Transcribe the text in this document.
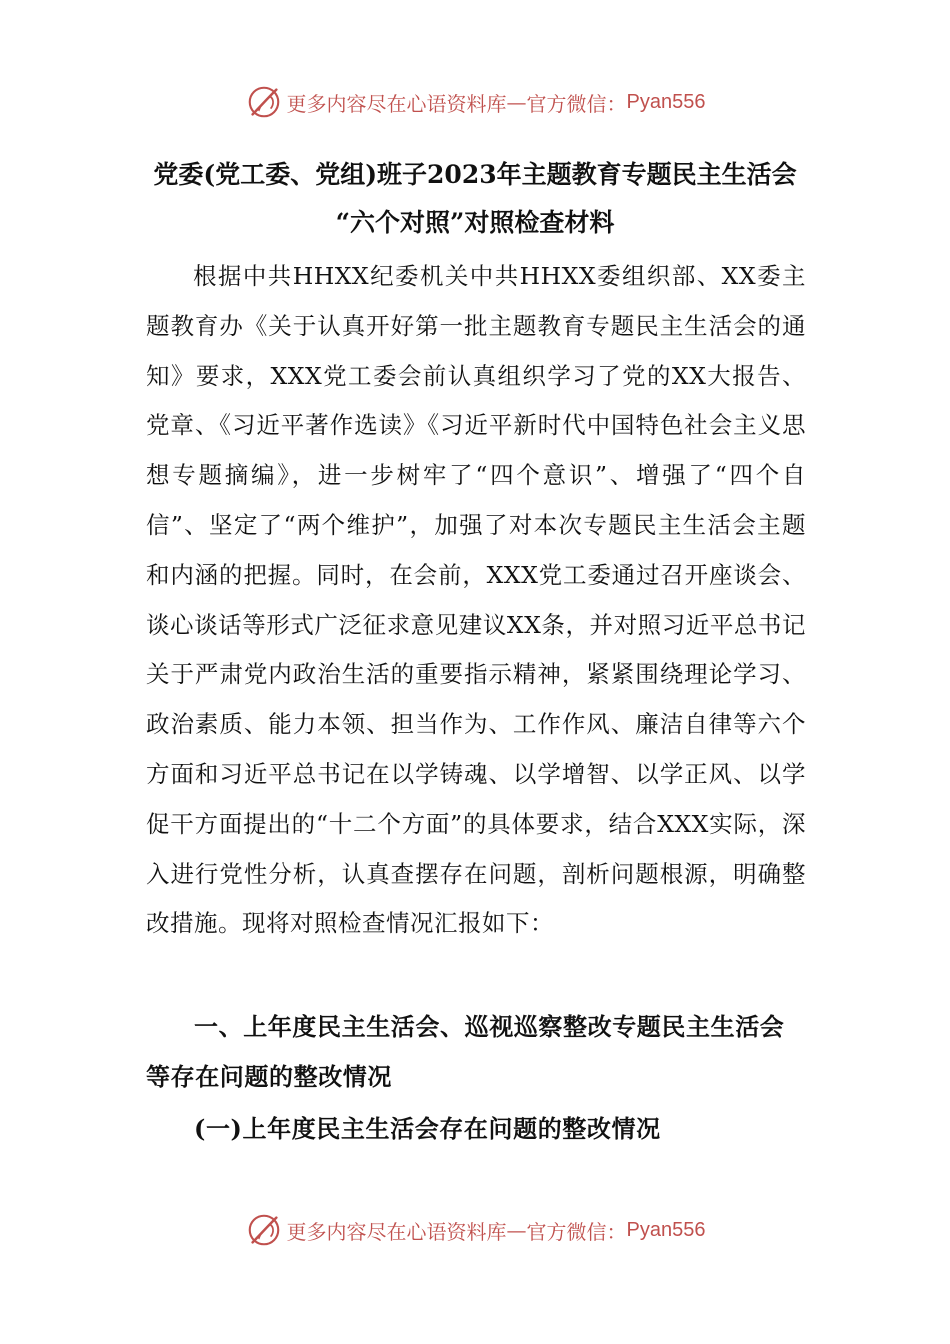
更多内容尽在心语资料库 — 官方微信： Pyan556
党委(党工委、党组)班子2023年主题教育专题民主生活会
“六个对照”对照检查材料

根据中共HHXX纪委机关中共HHXX委组织部、XX委主题教育办《关于认真开好第一批主题教育专题民主生活会的通知》要求，XXX党工委会前认真组织学习了党的XX大报告、党章、《习近平著作选读》《习近平新时代中国特色社会主义思想专题摘编》，进一步树牢了“四个意识”、增强了“四个自信”、坚定了“两个维护”，加强了对本次专题民主生活会主题和内涵的把握。同时，在会前，XXX党工委通过召开座谈会、谈心谈话等形式广泛征求意见建议XX条，并对照习近平总书记关于严肃党内政治生活的重要指示精神，紧紧围绕理论学习、政治素质、能力本领、担当作为、工作作风、廉洁自律等六个方面和习近平总书记在以学铸魂、以学增智、以学正风、以学促干方面提出的“十二个方面”的具体要求，结合XXX实际，深入进行党性分析，认真查摆存在问题，剖析问题根源，明确整改措施。现将对照检查情况汇报如下：

一、上年度民主生活会、巡视巡察整改专题民主生活会等存在问题的整改情况

(一)上年度民主生活会存在问题的整改情况

更多内容尽在心语资料库 — 官方微信： Pyan556
